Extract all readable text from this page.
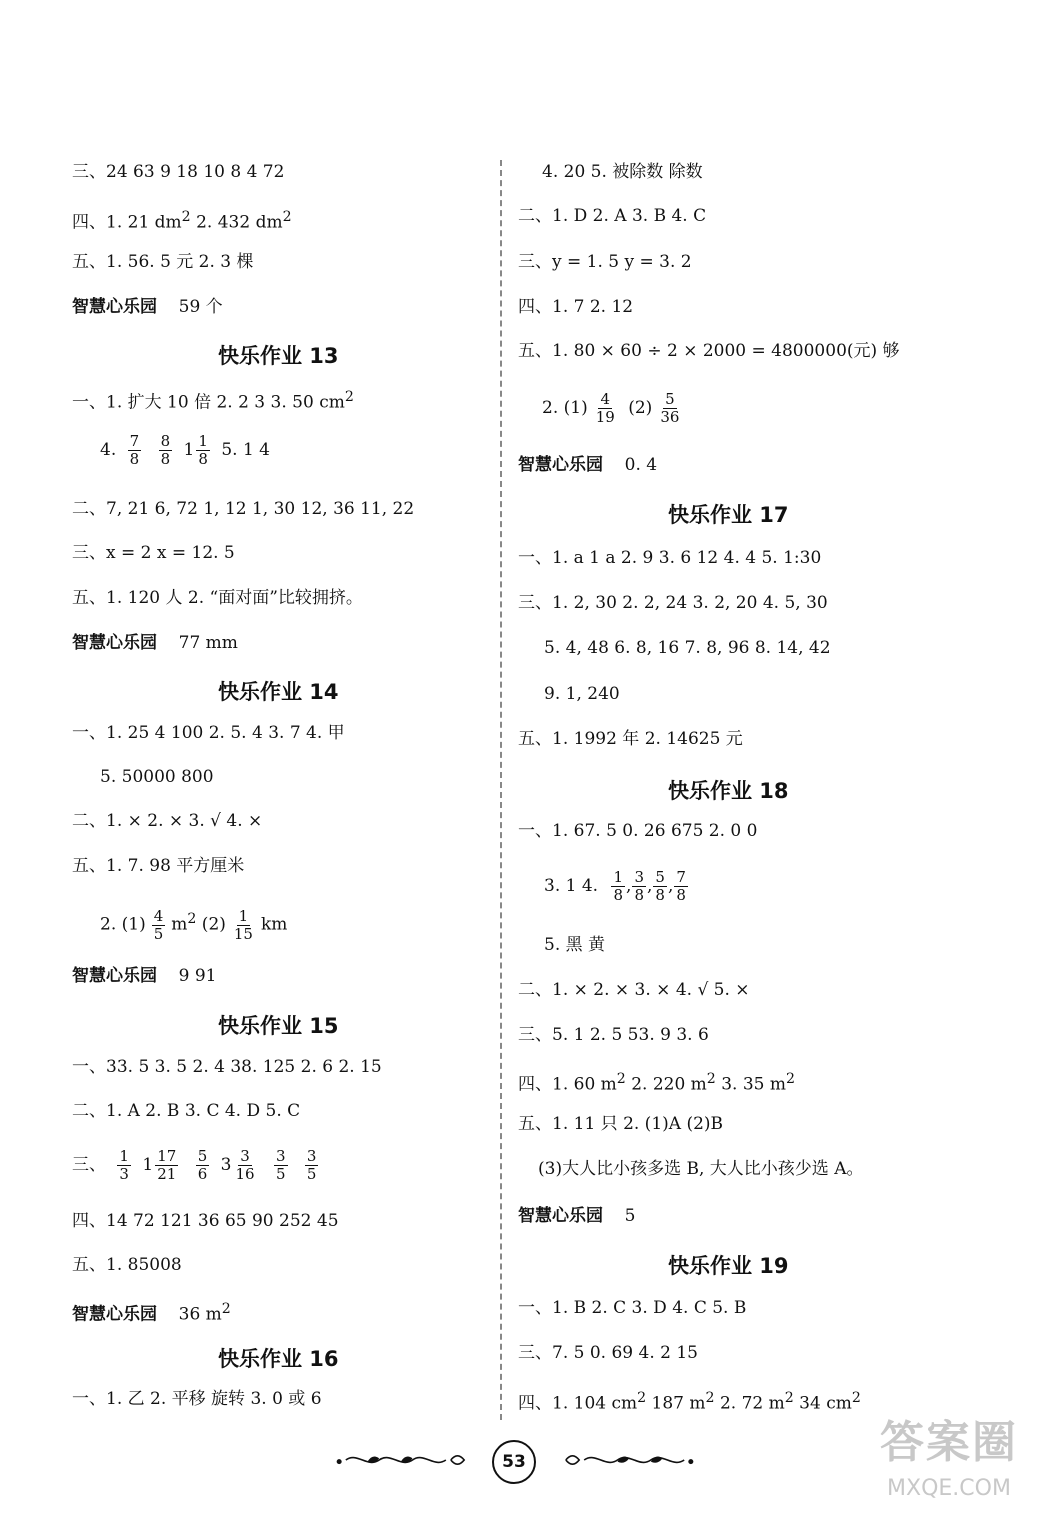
三、24 63 9 18 10 8 4 72
四、1. 21 $dm^2$ 2. 432 $dm^2$
五、1. 56. 5 元 2. 3 棵
智慧心乐园 59 个
快乐作业 13
一、1. 扩大 10 倍 2. 2 3 3. 50 $cm^2$
4. $\frac{7}{8}$
$\frac{8}{8} 1 \frac{1}{8} 5$. 1 4
二、7, 21 6, 72 1, 12 1, 30 12, 36 11, 22
三、x = 2 x = 12. 5
五、1. 120 人 2. “面对面”比较拥挤。
智慧心乐园 77 mm
快乐作业 14
一、1. 25 4 100 2. 5. 4 3. 7 4. 甲
5. 50000 800
二、1. × 2. × 3. √ 4. ×
五、1. 7. 98 平方厘米
2. $(1) \frac{4}{5} m^2$ $(2) \frac{1}{15}$ km
智慧心乐园 9 91
快乐作业 15
一、33. 5 3. 5 2. 4 38. 125 2. 6 2. 15
二、1. A 2. B 3. C 4. D 5. C
三、 $\frac{1}{3} 1 \frac{17}{21}$
$\frac{5}{6} 3 \frac{3}{16}$
$\frac{3}{5}$
$\frac{3}{5}$
四、14 72 121 36 65 90 252 45
五、1. 85008
智慧心乐园 36 $m^2$
快乐作业 16
一、1. 乙 2. 平移 旋转 3. 0 或 6
4. 20 5. 被除数 除数
二、1. D 2. A 3. B 4. C
三、y = 1. 5 y = 3. 2
四、1. 7 2. 12
五、1. 80 × 60 ÷ 2 × 2000 = 4800000(元) 够
2. $(1) \frac{4}{19} (2) \frac{5}{36}$
智慧心乐园 0. 4
快乐作业 17
一、1. a 1 a 2. 9 3. 6 12 4. 4 5. 1:30
三、1. 2, 30 2. 2, 24 3. 2, 20 4. 5, 30
5. 4, 48 6. 8, 16 7. 8, 96 8. 14, 42
9. 1, 240
五、1. 1992 年 2. 14625 元
快乐作业 18
一、1. 67. 5 0. 26 675 2. 0 0
3. 1 4. $\frac{1}{8}$ , $\frac{3}{8}$ , $\frac{5}{8}$ , $\frac{7}{8}$
5. 黑 黄
二、1. × 2. × 3. × 4. √ 5. ×
三、5. 1 2. 5 53. 9 3. 6
四、1. 60 $m^2$ 2. 220 $m^2$ 3. 35 $m^2$
五、1. 11 只 2. (1)A (2)B
(3)大人比小孩多选 B, 大人比小孩少选 A。
智慧心乐园 5
快乐作业 19
一、1. B 2. C 3. D 4. C 5. B
三、7. 5 0. 69 4. 2 15
四、1. 104 $cm^2$ 187 $m^2$ 2. 72 $m^2$ 34 $cm^2$
53	答案圈
MXQE.COM
